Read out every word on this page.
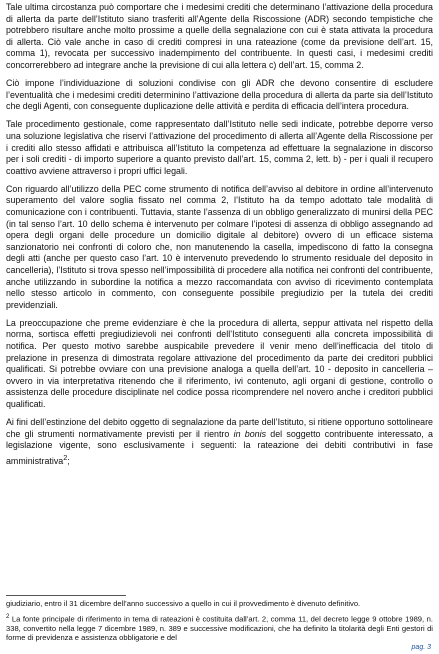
Tale ultima circostanza può comportare che i medesimi crediti che determinano l’attivazione della procedura di allerta da parte dell’Istituto siano trasferiti all’Agente della Riscossione (ADR) secondo tempistiche che potrebbero risultare anche molto prossime a quelle della segnalazione con cui è stata attivata la procedura di allerta. Ciò vale anche in caso di crediti compresi in una rateazione (come da previsione dell’art. 15, comma 1), revocata per successivo inadempimento del contribuente. In questi casi, i medesimi crediti concorrerebbero ad integrare anche la previsione di cui alla lettera c) dell’art. 15, comma 2.

Ciò impone l’individuazione di soluzioni condivise con gli ADR che devono consentire di escludere l’eventualità che i medesimi crediti determinino l’attivazione della procedura di allerta da parte sia dell’Istituto che degli Agenti, con conseguente duplicazione delle attività e perdita di efficacia dell’intera procedura.

Tale procedimento gestionale, come rappresentato dall’Istituto nelle sedi indicate, potrebbe deporre verso una soluzione legislativa che riservi l’attivazione del procedimento di allerta all’Agente della Riscossione per i crediti allo stesso affidati e attribuisca all’Istituto la competenza ad effettuare la segnalazione in discorso per i soli crediti - di importo superiore a quanto previsto dall’art. 15, comma 2, lett. b) - per i quali il recupero coattivo avviene attraverso i propri uffici legali.

Con riguardo all’utilizzo della PEC come strumento di notifica dell’avviso al debitore in ordine all’intervenuto superamento del valore soglia fissato nel comma 2, l’Istituto ha da tempo adottato tale modalità di comunicazione con i contribuenti. Tuttavia, stante l’assenza di un obbligo generalizzato di munirsi della PEC (in tal senso l’art. 10 dello schema è intervenuto per colmare l’ipotesi di assenza di obbligo assegnando ad opera degli organi delle procedure un domicilio digitale al debitore) ovvero di un efficace sistema sanzionatorio nei confronti di coloro che, non manutenendo la casella, impediscono di fatto la consegna degli atti (anche per questo caso l’art. 10 è intervenuto prevedendo lo strumento residuale del deposito in cancelleria), l’Istituto si trova spesso nell’impossibilità di procedere alla notifica nei confronti del contribuente, anche utilizzando in subordine la notifica a mezzo raccomandata con avviso di ricevimento contemplata nello stesso articolo in commento, con conseguente possibile pregiudizio per la tutela dei crediti previdenziali.

La preoccupazione che preme evidenziare è che la procedura di allerta, seppur attivata nel rispetto della norma, sortisca effetti pregiudizievoli nei confronti dell’Istituto conseguenti alla concreta impossibilità di notifica. Per questo motivo sarebbe auspicabile prevedere il venir meno dell’inefficacia del titolo di prelazione in presenza di dimostrata regolare attivazione del procedimento da parte dei creditori pubblici qualificati. Si potrebbe ovviare con una previsione analoga a quella dell’art. 10 - deposito in cancelleria – ovvero in via interpretativa ritenendo che il riferimento, ivi contenuto, agli organi di gestione, controllo o assistenza delle procedure disciplinate nel codice possa ricomprendere nel novero anche i creditori pubblici qualificati.

Ai fini dell’estinzione del debito oggetto di segnalazione da parte dell’Istituto, si ritiene opportuno sottolineare che gli strumenti normativamente previsti per il rientro in bonis del soggetto contribuente interessato, a legislazione vigente, sono esclusivamente i seguenti: la rateazione dei debiti contributivi in fase amministrativa$^2$;

giudiziario, entro il 31 dicembre dell’anno successivo a quello in cui il provvedimento è divenuto definitivo.

$^2$ La fonte principale di riferimento in tema di rateazioni è costituita dall’art. 2, comma 11, del decreto legge 9 ottobre 1989, n. 338, convertito nella legge 7 dicembre 1989, n. 389 e successive modificazioni, che ha definito la titolarità degli Enti gestori di forme di previdenza e assistenza obbligatorie e del

pag. 3
